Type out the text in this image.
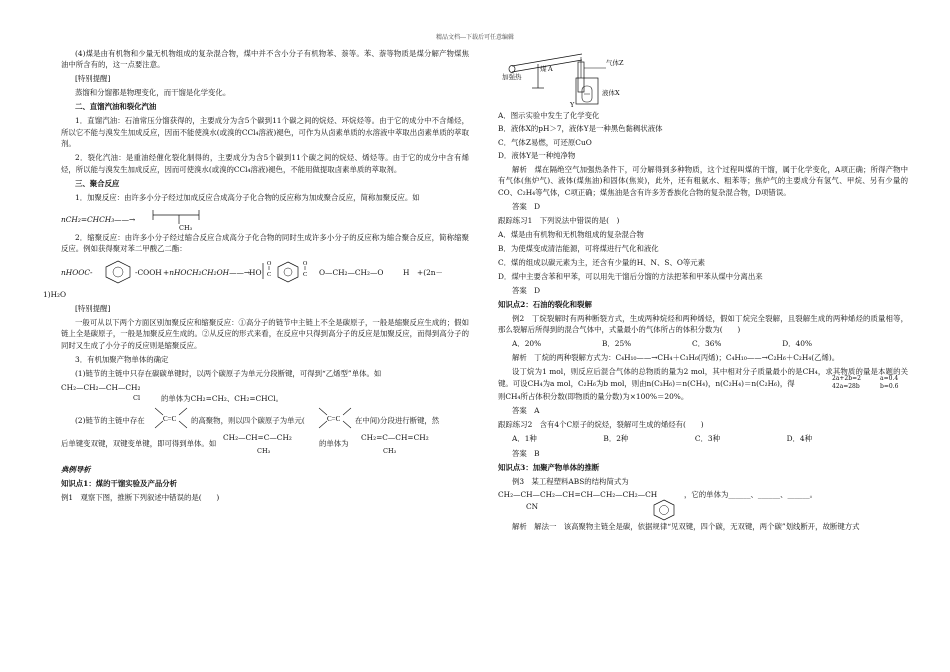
精品文档---下载后可任意编辑

(4)煤是由有机物和少量无机物组成的复杂混合物，煤中并不含小分子有机物苯、萘等。苯、萘等物质是煤分解产物煤焦油中所含有的，这一点要注意。

[特别提醒]

蒸馏和分馏都是物理变化，而干馏是化学变化。

二、直馏汽油和裂化汽油

1．直馏汽油：石油常压分馏获得的，主要成分为含5个碳到11个碳之间的烷烃、环烷烃等。由于它的成分中不含烯烃，所以它不能与溴发生加成反应，因而不能使溴水(或溴的CCl₄溶液)褪色，可作为从卤素单质的水溶液中萃取出卤素单质的萃取剂。

2．裂化汽油：是重油经催化裂化制得的，主要成分为含5个碳到11个碳之间的烷烃、烯烃等。由于它的成分中含有烯烃，所以能与溴发生加成反应，因而可使溴水(或溴的CCl₄溶液)褪色，不能用做提取卤素单质的萃取剂。

三、聚合反应

1．加聚反应：由许多小分子经过加成反应合成高分子化合物的反应称为加成聚合反应，简称加聚反应。如

nCH₂=CHCH₃——→
CH₃

2．缩聚反应：由许多小分子经过缩合反应合成高分子化合物的同时生成许多小分子的反应称为缩合聚合反应，简称缩聚反应。例如获得聚对苯二甲酸乙二酯：

nHOOC-	-COOH +nHOCH₂CH₂OH——→
HO
O
C
O
C O—CH₂—CH₂—O	H +(2n－

1)H₂O

[特别提醒]

一般可从以下两个方面区别加聚反应和缩聚反应：①高分子的链节中主链上不全是碳原子，一般是缩聚反应生成的；假如链上全是碳原子，一般是加聚反应生成的。②从反应的形式来看，在反应中只得到高分子的反应是加聚反应，而得到高分子的同时又生成了小分子的反应则是缩聚反应。

3．有机加聚产物单体的确定

(1)链节的主链中只存在碳碳单键时，以两个碳原子为单元分段断键，可得到“乙烯型”单体。如

CH₂—CH₂—CH—CH₂
Cl	的单体为CH₂=CH₂、CH₂=CHCl。
(2)链节的主链中存在	C=C 的高聚物，则以四个碳原子为单元(	C=C 在中间)分段进行断键，然
后单键变双键，双键变单键，即可得到单体。如
CH₂—CH=C—CH₂
CH₃
的单体为
CH₂=C—CH=CH₂
CH₃

典例导析

知识点1：煤的干馏实验及产品分析

例1　观察下图，推断下列叙述中错误的是(　　)

加强热
煤 A
气体Z
液体X
Y

A．图示实验中发生了化学变化

B．液体X的pH＞7，液体Y是一种黑色黏稠状液体

C．气体Z易燃，可还原CuO

D．液体Y是一种纯净物

解析　煤在隔绝空气加强热条件下，可分解得到多种物质，这个过程叫煤的干馏，属于化学变化，A项正确；所得产物中有气体(焦炉气)、液体(煤焦油)和固体(焦炭)，此外，还有粗氨水、粗苯等；焦炉气的主要成分有氢气、甲烷、另有少量的CO、C₂H₄等气体，C项正确；煤焦油是含有许多芳香族化合物的复杂混合物，D项错误。

答案　D

跟踪练习1　下列说法中错误的是(　)

A．煤是由有机物和无机物组成的复杂混合物

B．为使煤变成清洁能源，可将煤进行气化和液化

C．煤的组成以碳元素为主，还含有少量的H、N、S、O等元素

D．煤中主要含苯和甲苯，可以用先干馏后分馏的方法把苯和甲苯从煤中分离出来

答案　D

知识点2：石油的裂化和裂解

例2　丁烷裂解时有两种断裂方式，生成两种烷烃和两种烯烃，假如丁烷完全裂解，且裂解生成的两种烯烃的质量相等，那么裂解后所得到的混合气体中，式量最小的气体所占的体积分数为(　　)

A．20%	B．25%	C．36%	D．40%

解析　丁烷的两种裂解方式为：C₄H₁₀——→CH₄＋C₃H₆(丙烯)；C₄H₁₀——→C₂H₆＋C₂H₄(乙烯)。

设丁烷为1 mol，则反应后混合气体的总物质的量为2 mol，其中相对分子质量最小的是CH₄，求其物质的量是本题的关键。可设CH₄为a mol，C₂H₆为b mol，则由n(C₃H₆)＝n(CH₄)，n(C₂H₄)＝n(C₂H₆)，得

2a+2b=2
42a=28b
a=0.4
b=0.6

则CH₄所占体积分数(即物质的量分数)为×100%＝20%。

答案　A

跟踪练习2　含有4个C原子的烷烃，裂解可生成的烯烃有(　　)

A．1种	B．2种	C．3种	D．4种

答案　B

知识点3：加聚产物单体的推断

例3　某工程塑料ABS的结构简式为

CH₂—CH—CH₂—CH=CH—CH₂—CH₂—CH
CN
，它的单体为______、______、______。

解析　解法一　该高聚物主链全是碳，依据规律“见双键，四个碳，无双键，两个碳”划线断开，故断键方式
